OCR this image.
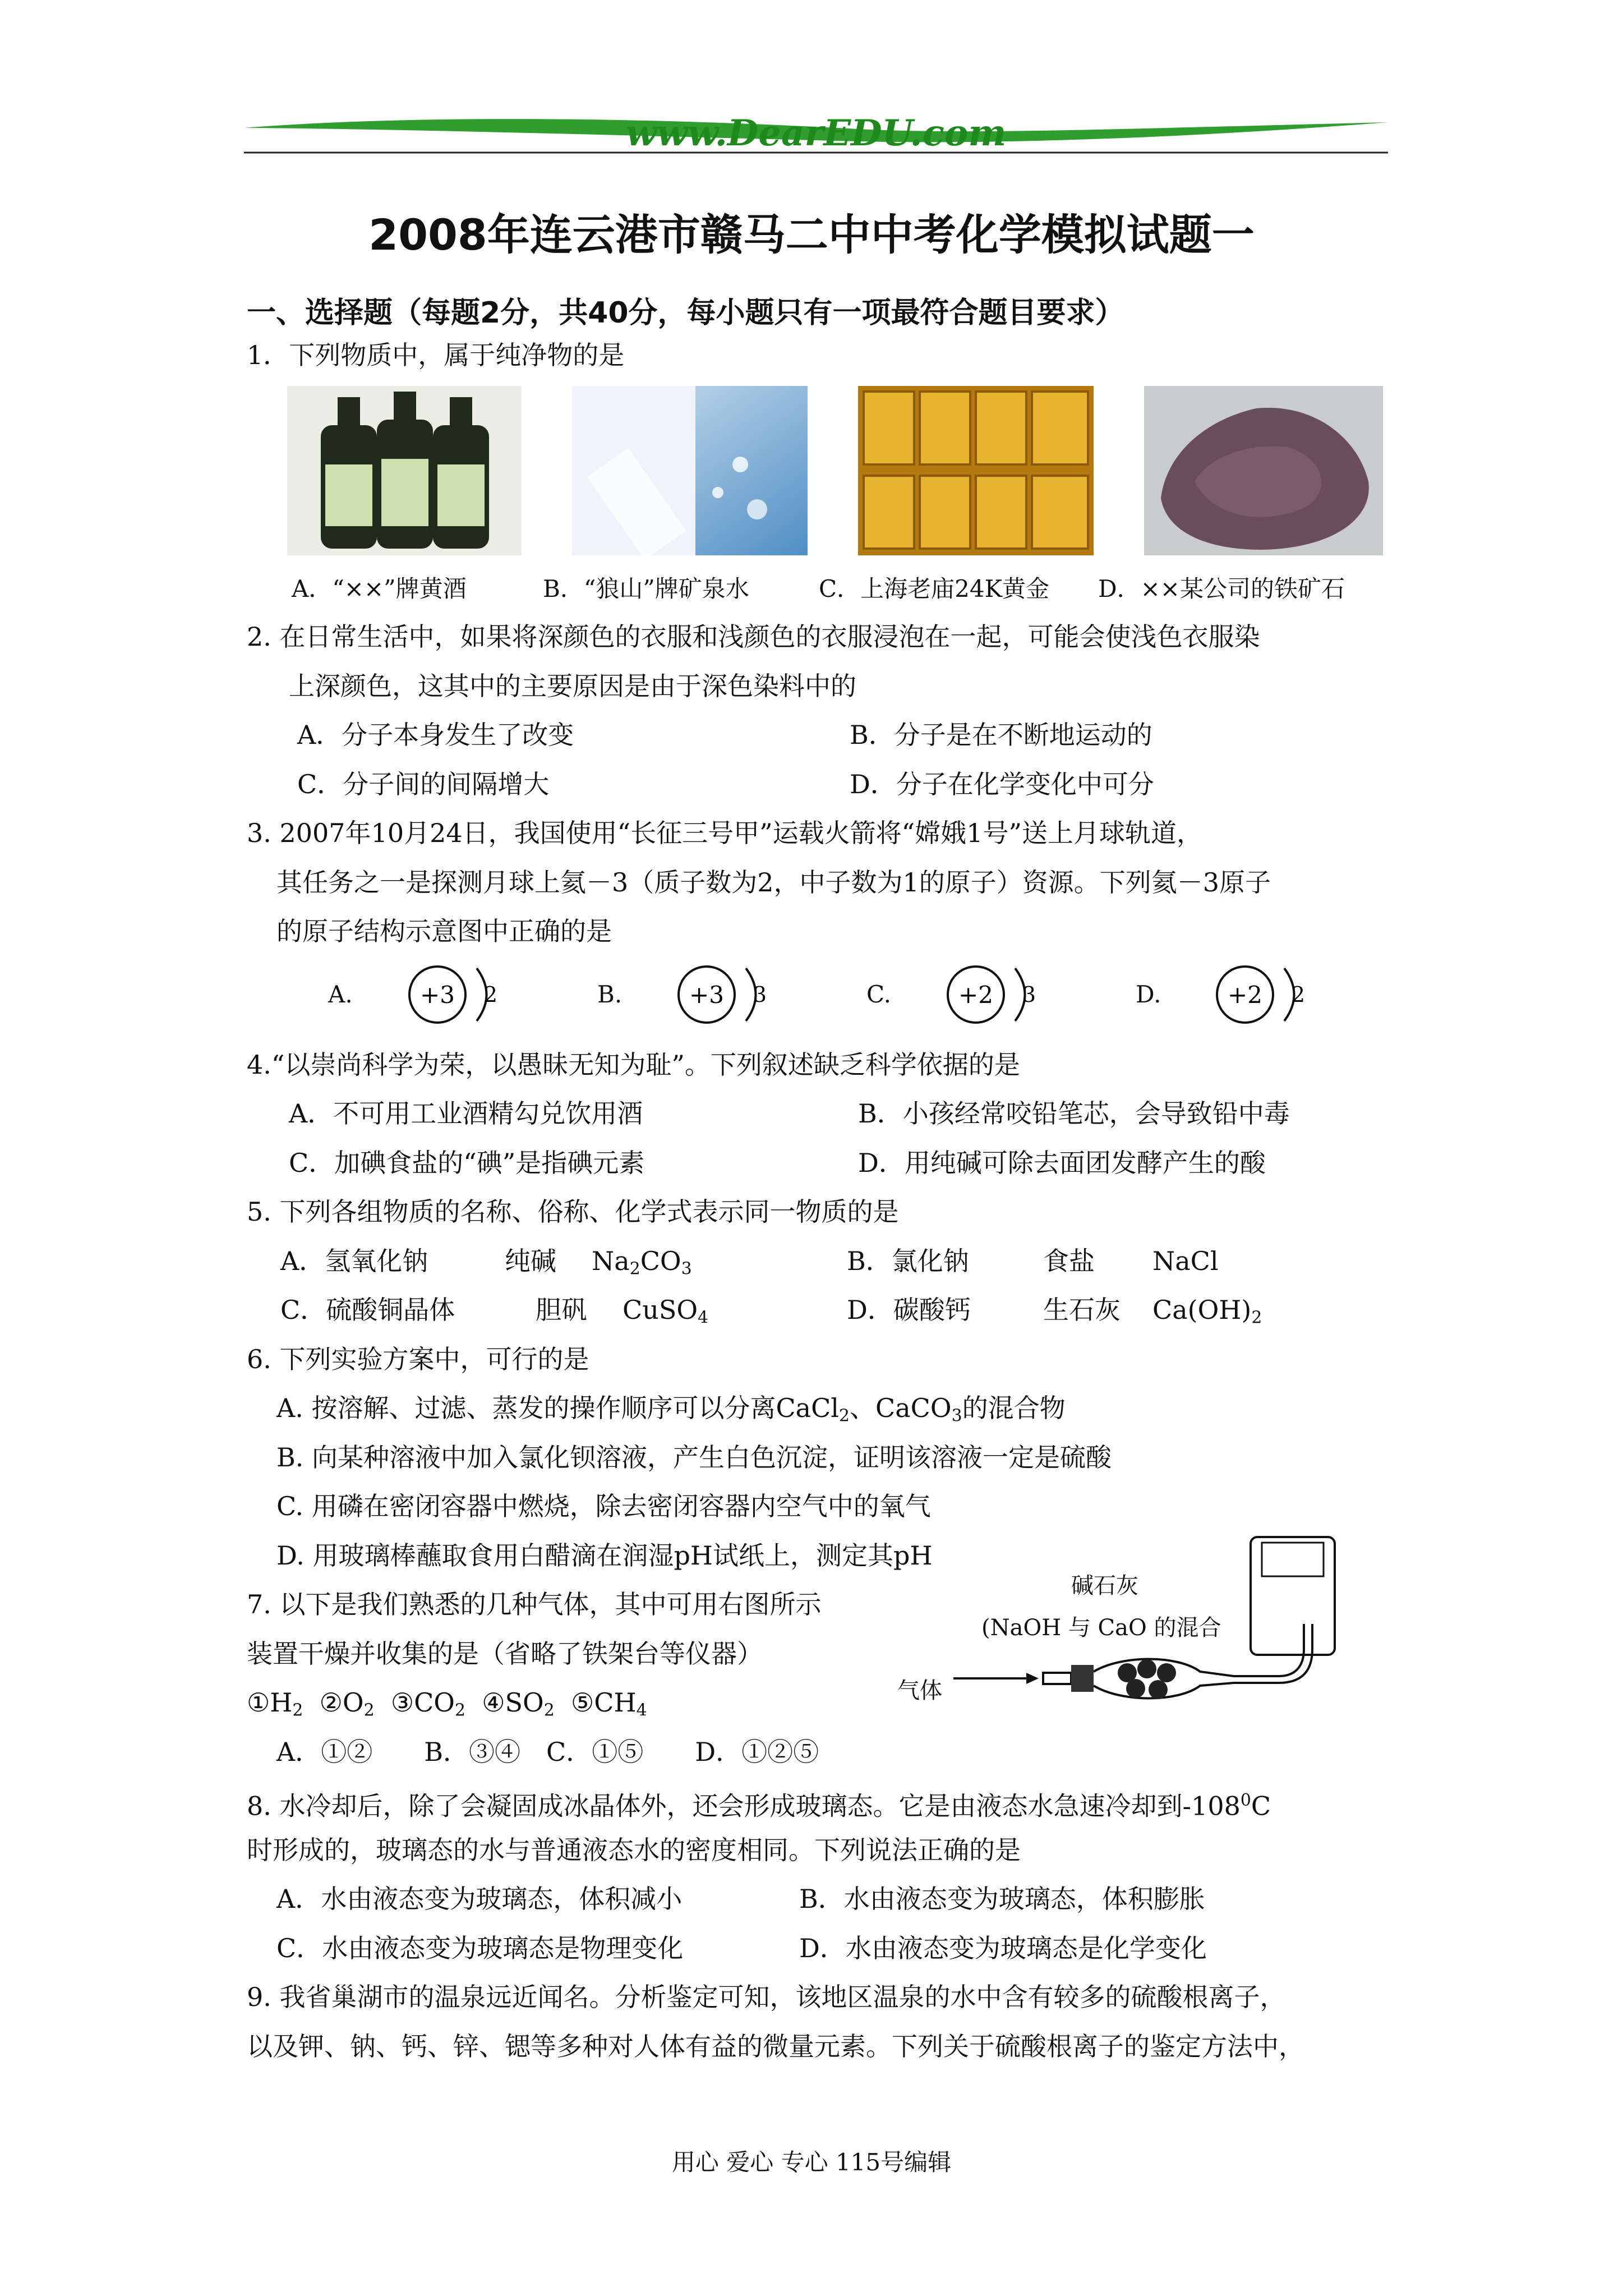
www.DearEDU.com
2008年连云港市赣马二中中考化学模拟试题一
一、选择题（每题2分，共40分，每小题只有一项最符合题目要求）
1．下列物质中，属于纯净物的是
A．“××”牌黄酒	B．“狼山”牌矿泉水	C．上海老庙24K黄金 D．××某公司的铁矿石
2. 在日常生活中，如果将深颜色的衣服和浅颜色的衣服浸泡在一起，可能会使浅色衣服染
上深颜色，这其中的主要原因是由于深色染料中的
A．分子本身发生了改变	B．分子是在不断地运动的
C．分子间的间隔增大	D．分子在化学变化中可分
3. 2007年10月24日，我国使用“长征三号甲”运载火箭将“嫦娥1号”送上月球轨道，
其任务之一是探测月球上氦－3（质子数为2，中子数为1的原子）资源。下列氦－3原子
的原子结构示意图中正确的是
A.	+3 2	B.	+3 3	C.	+2 3	D.	+2 2
4.“以崇尚科学为荣，以愚昧无知为耻”。下列叙述缺乏科学依据的是
A．不可用工业酒精勾兑饮用酒	B．小孩经常咬铅笔芯，会导致铅中毒
C．加碘食盐的“碘”是指碘元素	D．用纯碱可除去面团发酵产生的酸
5. 下列各组物质的名称、俗称、化学式表示同一物质的是
A．氢氧化钠	纯碱 $Na_2CO_3$	B．氯化钠	食盐 NaCl
C．硫酸铜晶体	胆矾 CuSO$_4$	D．碳酸钙	生石灰 $Ca(OH)_2$
6. 下列实验方案中，可行的是
A. 按溶解、过滤、蒸发的操作顺序可以分离CaCl$_2$、CaCO$_3$的混合物
B. 向某种溶液中加入氯化钡溶液，产生白色沉淀，证明该溶液一定是硫酸
C. 用磷在密闭容器中燃烧，除去密闭容器内空气中的氧气
D. 用玻璃棒蘸取食用白醋滴在润湿pH试纸上，测定其pH
7. 以下是我们熟悉的几种气体，其中可用右图所示
装置干燥并收集的是（省略了铁架台等仪器）
$①H_2$  $②O_2$  $③CO_2$  $④SO_2$  $⑤CH_4$
A．①②　　B．③④　C．①⑤　　D．①②⑤
碱石灰
(NaOH 与 CaO 的混合
气体
8. 水冷却后，除了会凝固成冰晶体外，还会形成玻璃态。它是由液态水急速冷却到$-108^0C$
时形成的，玻璃态的水与普通液态水的密度相同。下列说法正确的是
A．水由液态变为玻璃态，体积减小	B．水由液态变为玻璃态，体积膨胀
C．水由液态变为玻璃态是物理变化	D．水由液态变为玻璃态是化学变化
9. 我省巢湖市的温泉远近闻名。分析鉴定可知，该地区温泉的水中含有较多的硫酸根离子，
以及钾、钠、钙、锌、锶等多种对人体有益的微量元素。下列关于硫酸根离子的鉴定方法中，
用心 爱心 专心 115号编辑
